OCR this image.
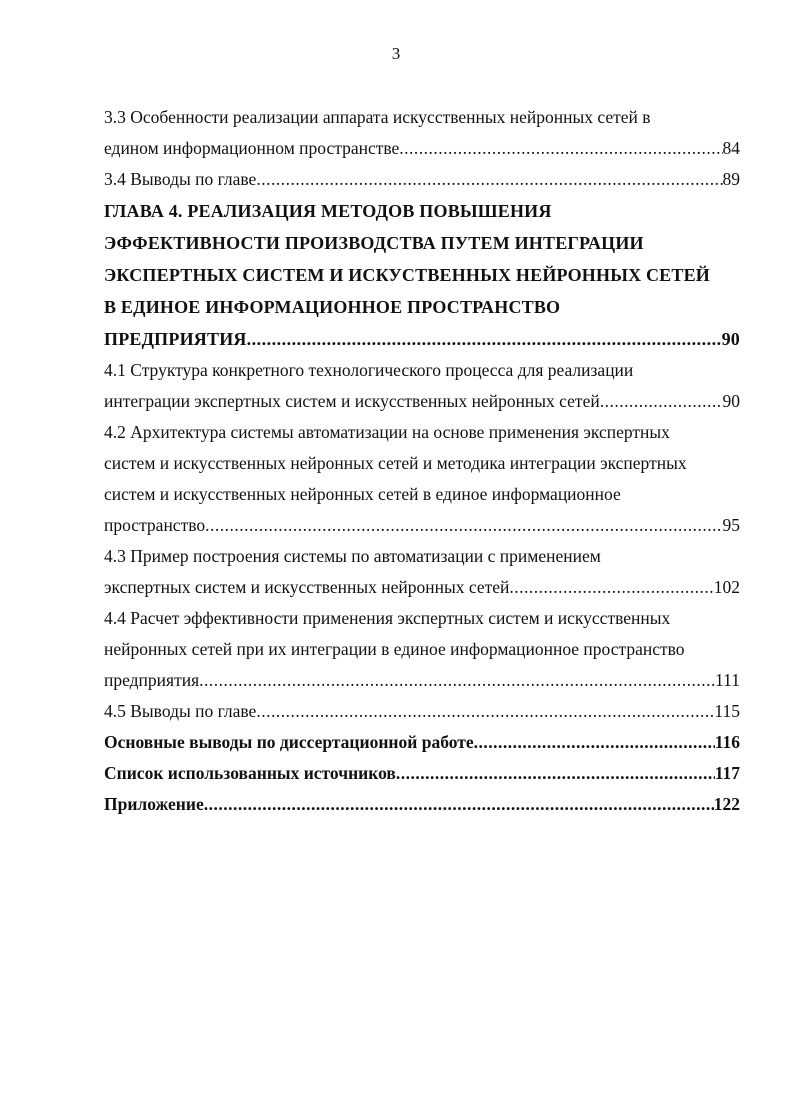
3
3.3 Особенности реализации аппарата искусственных нейронных сетей в
едином информационном пространстве .....	84
3.4 Выводы по главе .....	89
ГЛАВА 4. РЕАЛИЗАЦИЯ МЕТОДОВ ПОВЫШЕНИЯ
ЭФФЕКТИВНОСТИ ПРОИЗВОДСТВА ПУТЕМ ИНТЕГРАЦИИ
ЭКСПЕРТНЫХ СИСТЕМ И ИСКУСТВЕННЫХ НЕЙРОННЫХ СЕТЕЙ
В ЕДИНОЕ ИНФОРМАЦИОННОЕ ПРОСТРАНСТВО
ПРЕДПРИЯТИЯ .....	90
4.1 Структура конкретного технологического процесса для реализации
интеграции экспертных систем и искусственных нейронных сетей .....	90
4.2 Архитектура системы автоматизации на основе применения экспертных
систем и искусственных нейронных сетей и методика интеграции экспертных
систем и искусственных нейронных сетей в единое информационное
пространство .....	95
4.3 Пример построения системы по автоматизации с применением
экспертных систем и искусственных нейронных сетей .....	102
4.4 Расчет эффективности применения экспертных систем и искусственных
нейронных сетей при их интеграции в единое информационное пространство
предприятия .....	111
4.5 Выводы по главе .....	115
Основные выводы по диссертационной работе .....	116
Список использованных источников .....	117
Приложение .....	122
